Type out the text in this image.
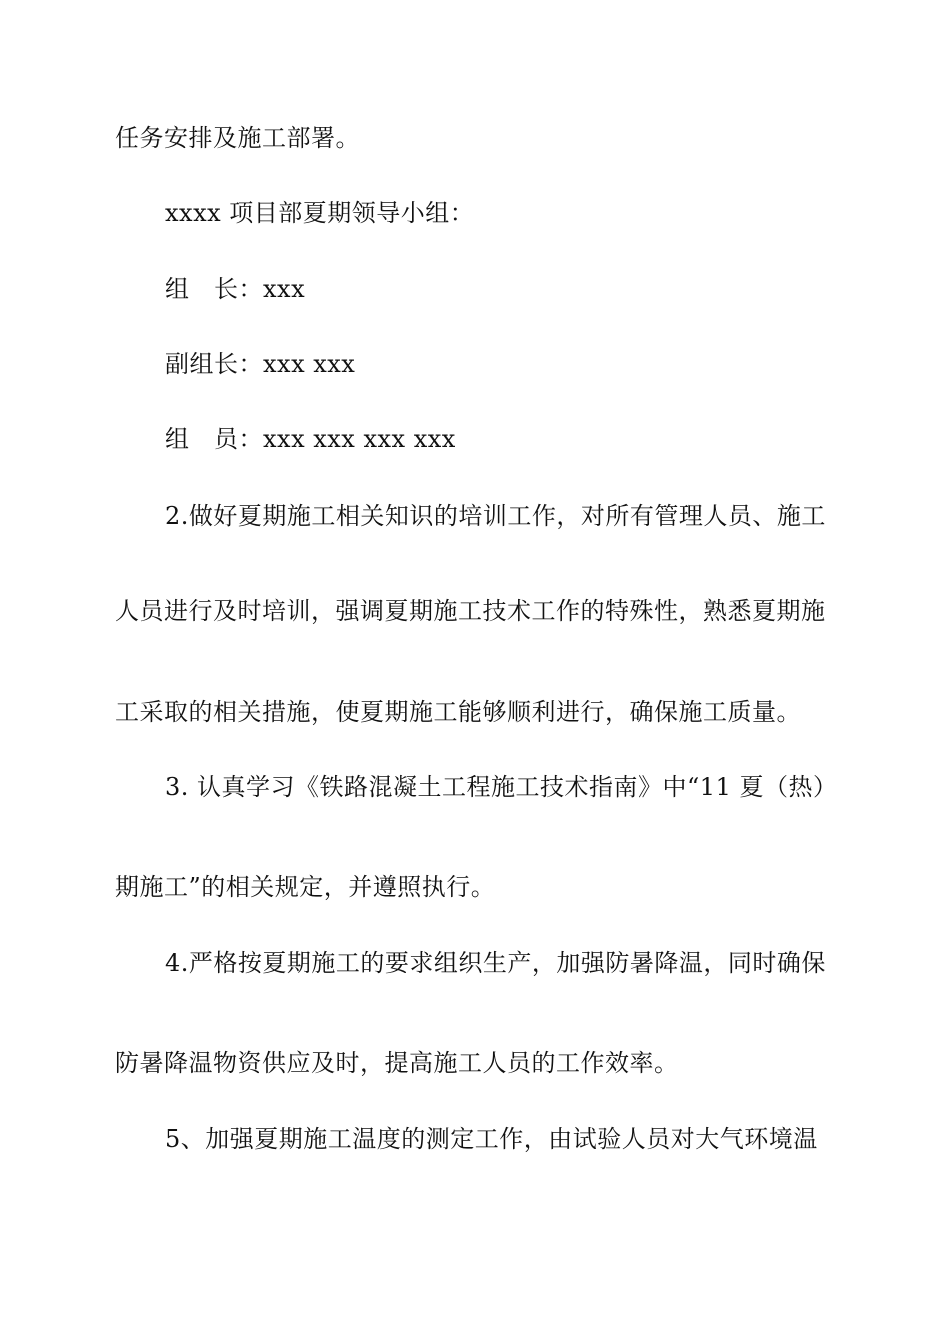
任务安排及施工部署。
xxxx 项目部夏期领导小组：
组　长：xxx
副组长：xxx xxx
组　员：xxx xxx xxx xxx
2.做好夏期施工相关知识的培训工作，对所有管理人员、施工
人员进行及时培训，强调夏期施工技术工作的特殊性，熟悉夏期施
工采取的相关措施，使夏期施工能够顺利进行，确保施工质量。
3. 认真学习《铁路混凝土工程施工技术指南》中“11 夏（热）
期施工”的相关规定，并遵照执行。
4.严格按夏期施工的要求组织生产，加强防暑降温，同时确保
防暑降温物资供应及时，提高施工人员的工作效率。
5、加强夏期施工温度的测定工作，由试验人员对大气环境温
